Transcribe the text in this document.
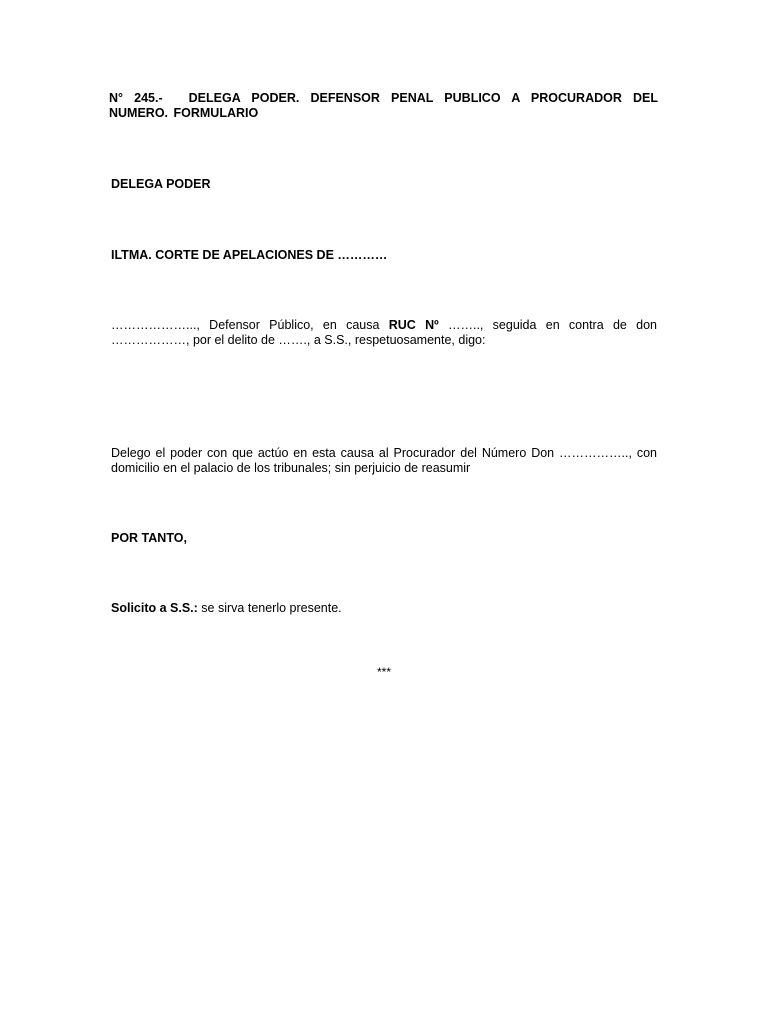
N° 245.- DELEGA PODER. DEFENSOR PENAL PUBLICO A PROCURADOR DEL NUMERO. FORMULARIO

DELEGA PODER

ILTMA. CORTE DE APELACIONES DE …………

………………..., Defensor Público, en causa RUC Nº …….., seguida en contra de don ………………, por el delito de ……., a S.S., respetuosamente, digo:

Delego el poder con que actúo en esta causa al Procurador del Número Don …………….., con domicilio en el palacio de los tribunales; sin perjuicio de reasumir

POR TANTO,

Solicito a S.S.: se sirva tenerlo presente.

***
